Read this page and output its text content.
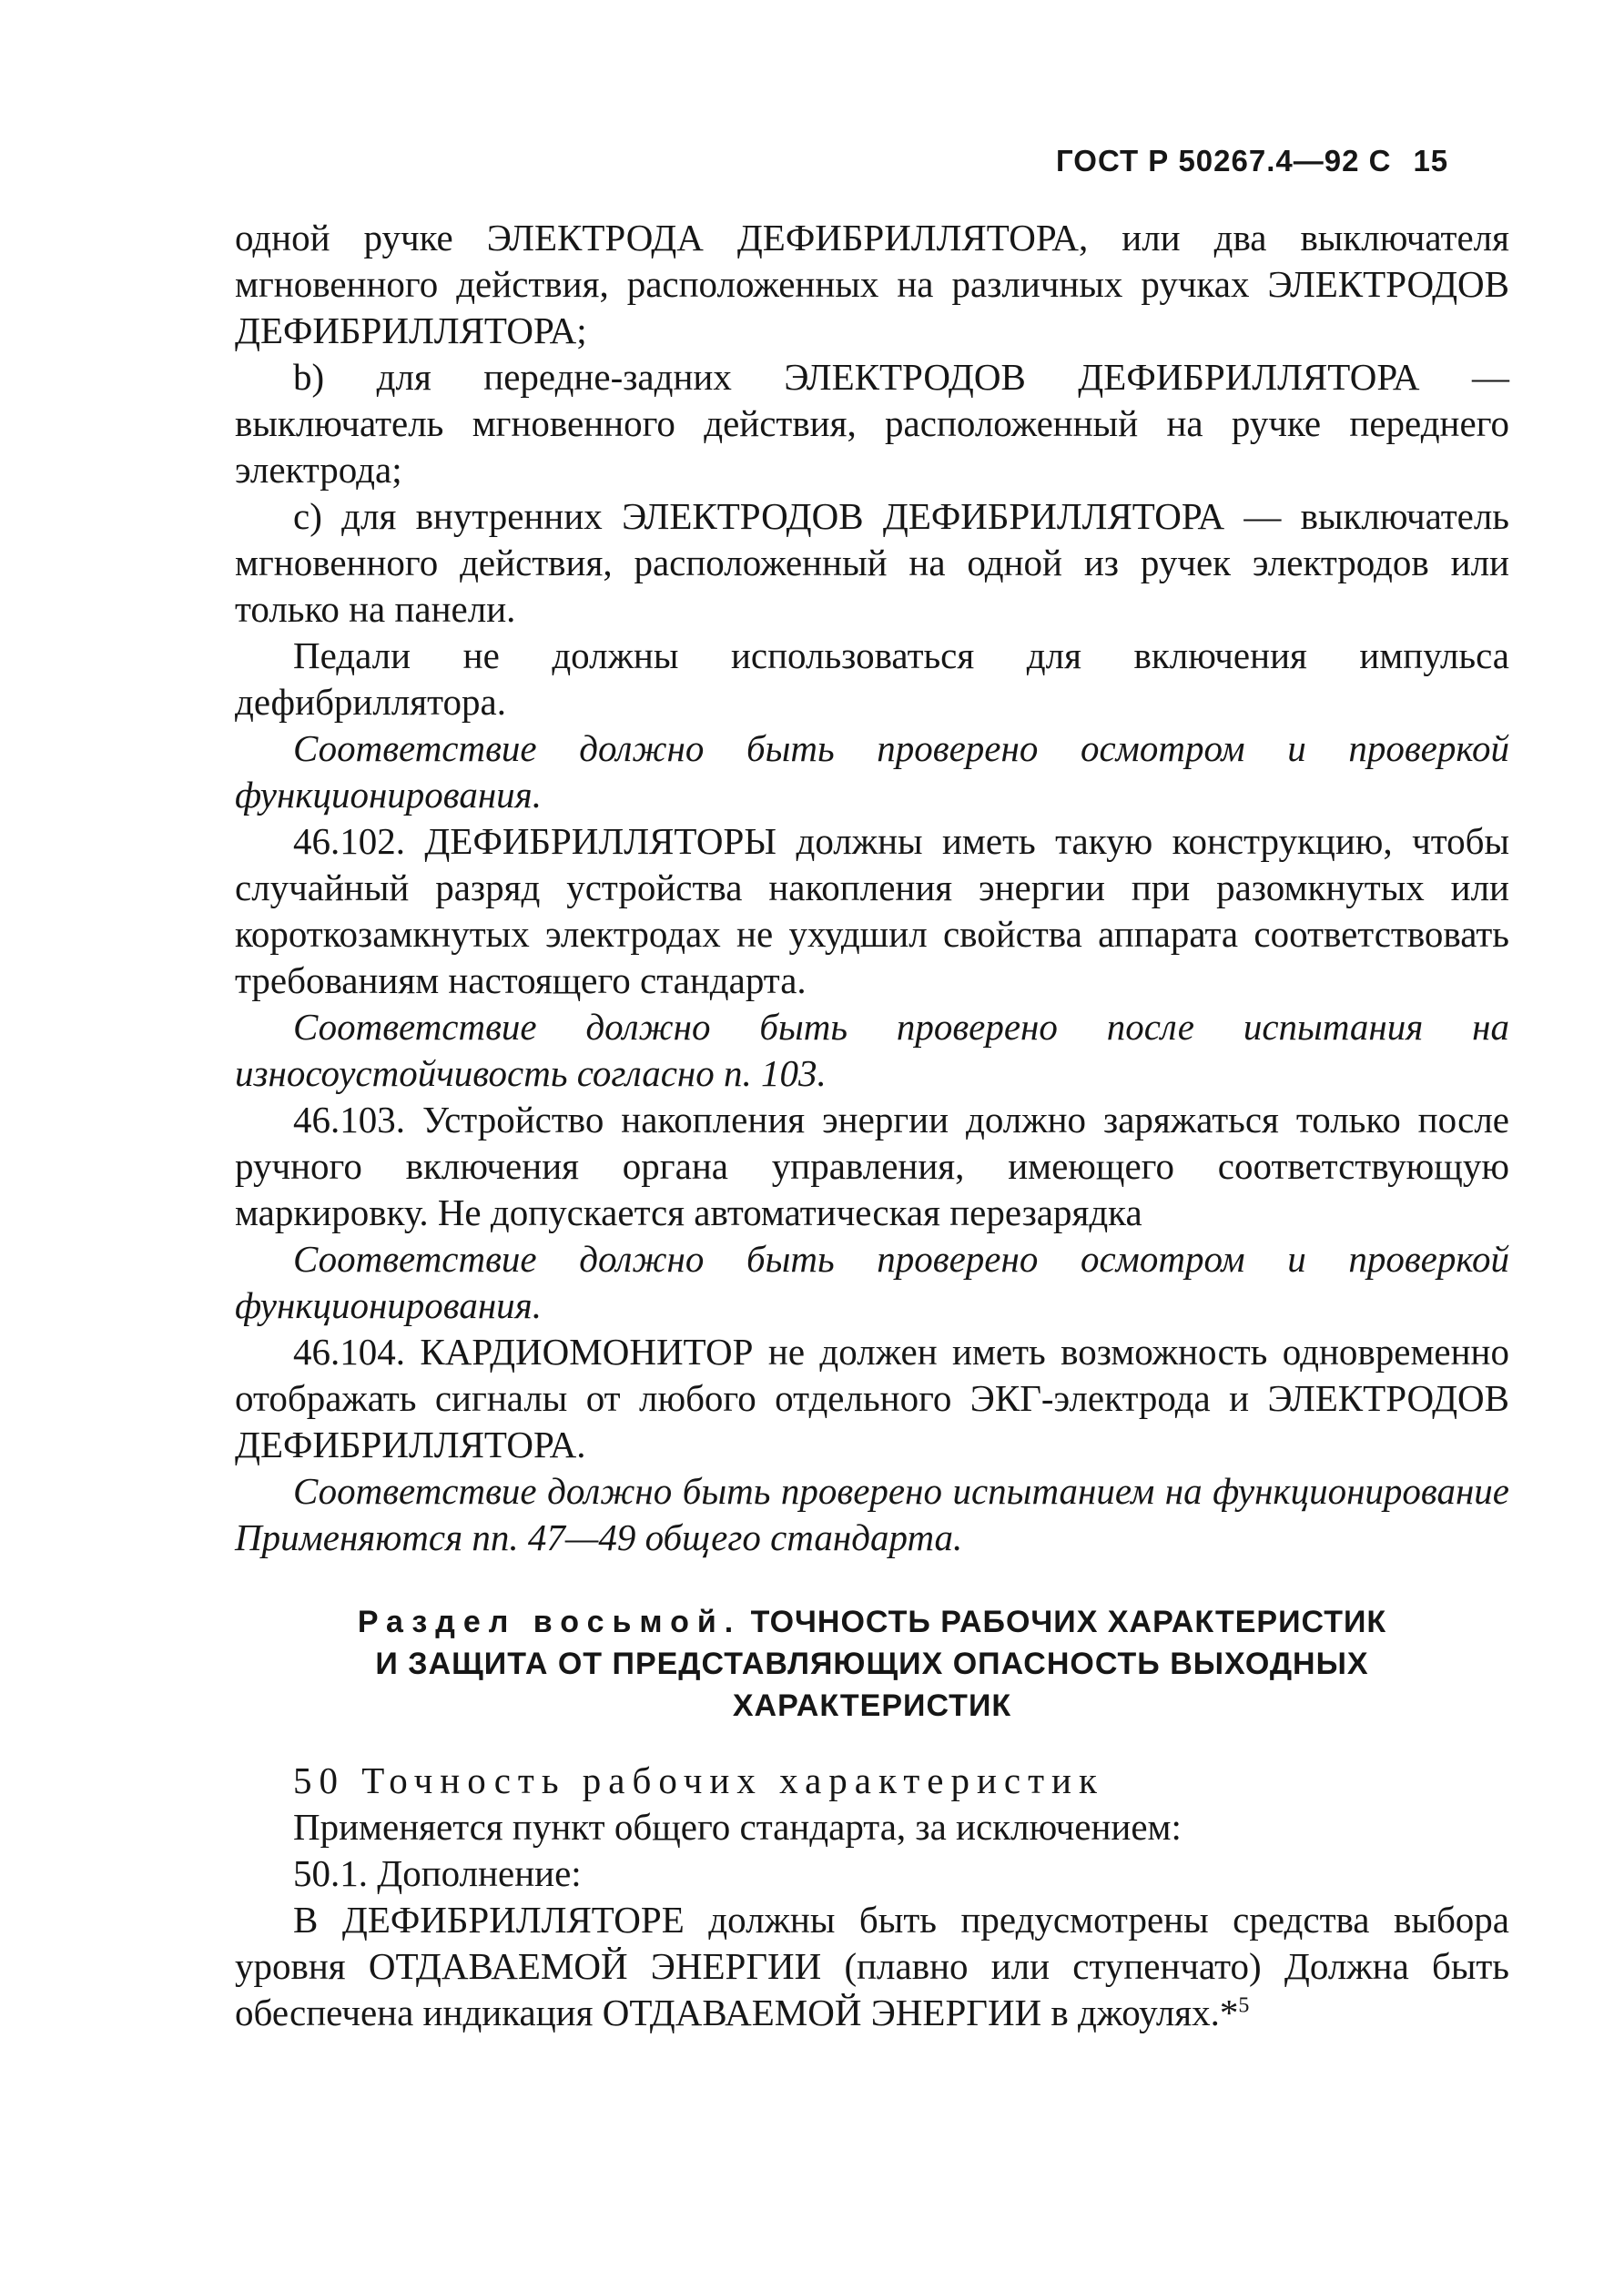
ГОСТ Р 50267.4—92 С 15

одной ручке ЭЛЕКТРОДА ДЕФИБРИЛЛЯТОРА, или два выключателя мгновенного действия, расположенных на различных ручках ЭЛЕКТРОДОВ ДЕФИБРИЛЛЯТОРА;

b) для передне-задних ЭЛЕКТРОДОВ ДЕФИБРИЛЛЯТОРА — выключатель мгновенного действия, расположенный на ручке переднего электрода;

с) для внутренних ЭЛЕКТРОДОВ ДЕФИБРИЛЛЯТОРА — выключатель мгновенного действия, расположенный на одной из ручек электродов или только на панели.

Педали не должны использоваться для включения импульса дефибриллятора.

Соответствие должно быть проверено осмотром и проверкой функционирования.

46.102. ДЕФИБРИЛЛЯТОРЫ должны иметь такую конструкцию, чтобы случайный разряд устройства накопления энергии при разомкнутых или короткозамкнутых электродах не ухудшил свойства аппарата соответствовать требованиям настоящего стандарта.

Соответствие должно быть проверено после испытания на износоустойчивость согласно п. 103.

46.103. Устройство накопления энергии должно заряжаться только после ручного включения органа управления, имеющего соответствующую маркировку. Не допускается автоматическая перезарядка

Соответствие должно быть проверено осмотром и проверкой функционирования.

46.104. КАРДИОМОНИТОР не должен иметь возможность одновременно отображать сигналы от любого отдельного ЭКГ-электрода и ЭЛЕКТРОДОВ ДЕФИБРИЛЛЯТОРА.

Соответствие должно быть проверено испытанием на функционирование Применяются пп. 47—49 общего стандарта.

Раздел восьмой. ТОЧНОСТЬ РАБОЧИХ ХАРАКТЕРИСТИК
И ЗАЩИТА ОТ ПРЕДСТАВЛЯЮЩИХ ОПАСНОСТЬ ВЫХОДНЫХ
ХАРАКТЕРИСТИК

50 Точность рабочих характеристик

Применяется пункт общего стандарта, за исключением:

50.1. Дополнение:

В ДЕФИБРИЛЛЯТОРЕ должны быть предусмотрены средства выбора уровня ОТДАВАЕМОЙ ЭНЕРГИИ (плавно или ступенчато) Должна быть обеспечена индикация ОТДАВАЕМОЙ ЭНЕРГИИ в джоулях.*$^5$
